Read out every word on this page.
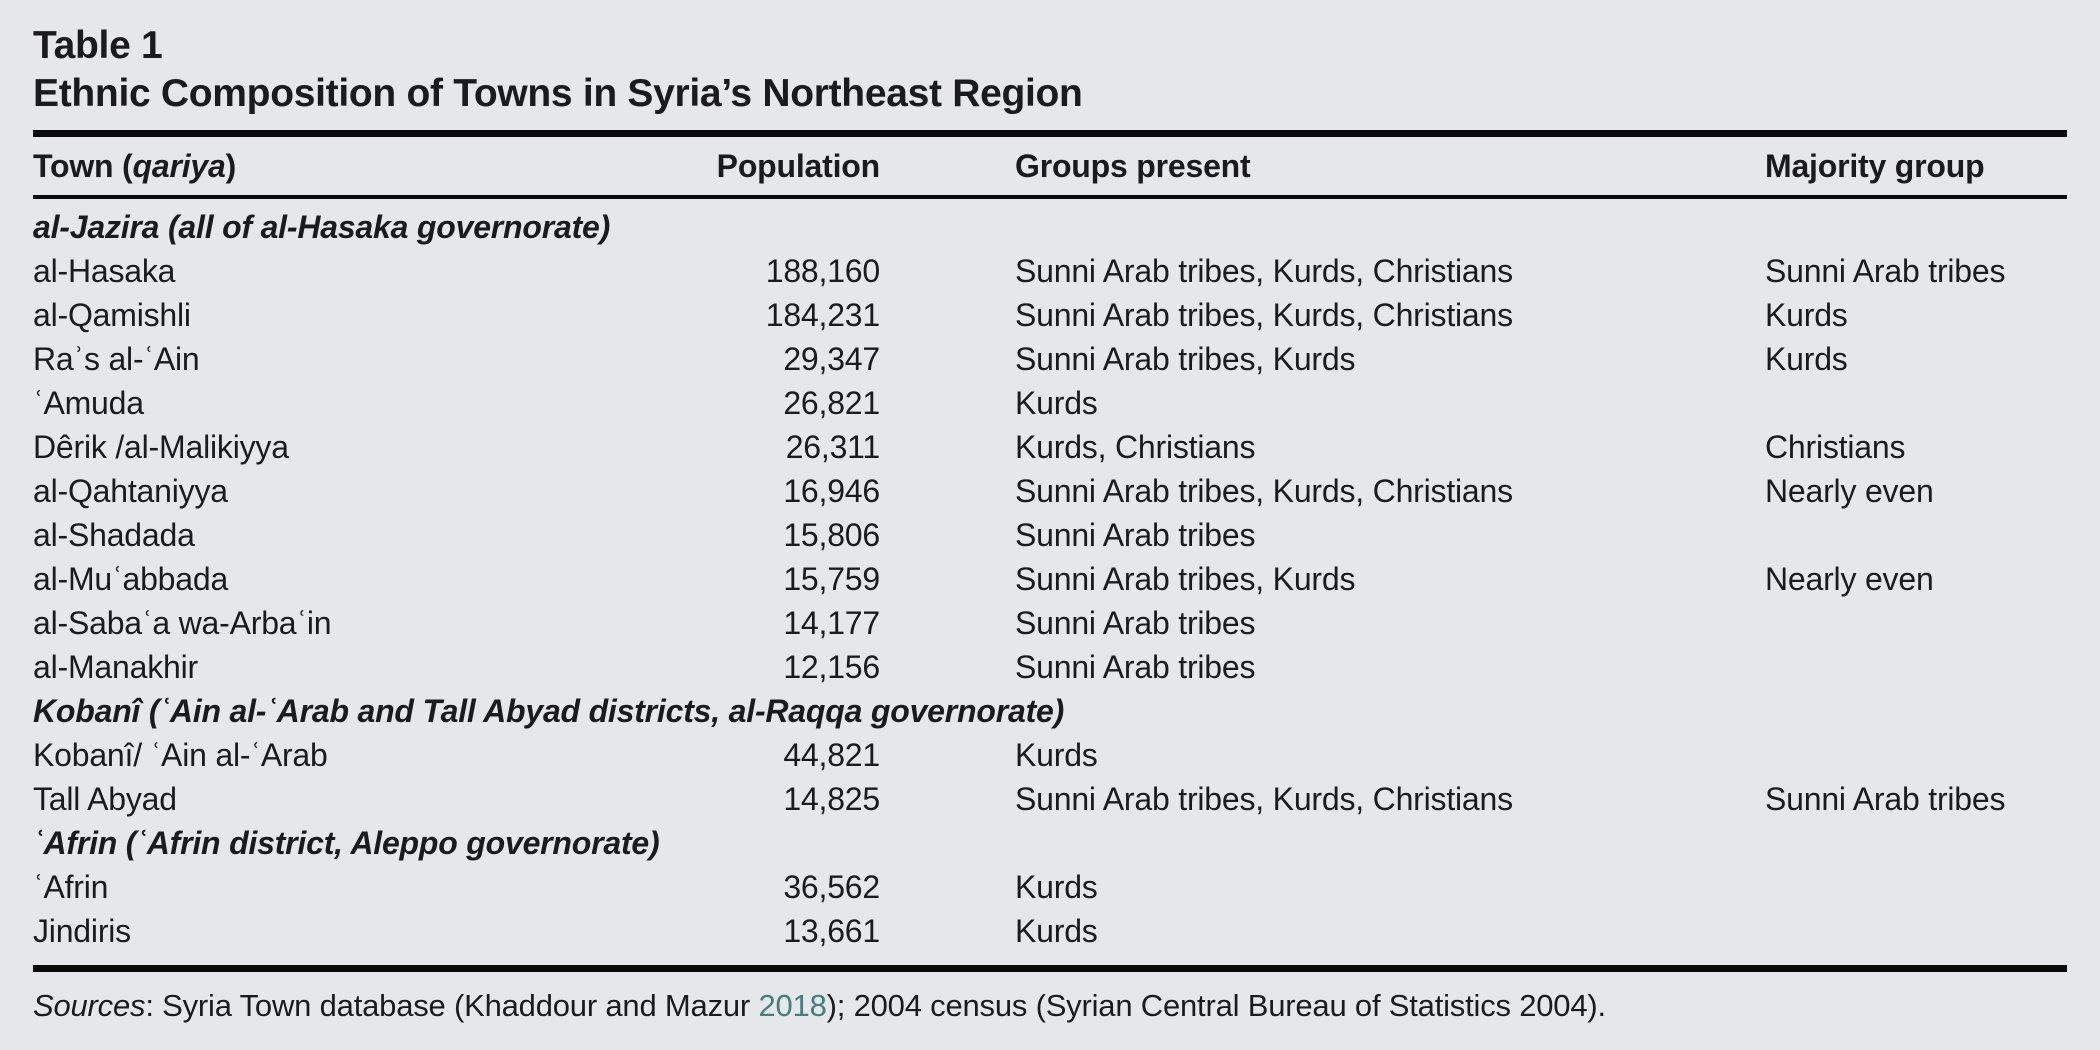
Table 1
Ethnic Composition of Towns in Syria’s Northeast Region
Town (qariya)	Population	Groups present	Majority group
al-Jazira (all of al-Hasaka governorate)			
al-Hasaka	188,160	Sunni Arab tribes, Kurds, Christians	Sunni Arab tribes
al-Qamishli	184,231	Sunni Arab tribes, Kurds, Christians	Kurds
Raʾs al-ʿAin	29,347	Sunni Arab tribes, Kurds	Kurds
ʿAmuda	26,821	Kurds	
Dêrik /al-Malikiyya	26,311	Kurds, Christians	Christians
al-Qahtaniyya	16,946	Sunni Arab tribes, Kurds, Christians	Nearly even
al-Shadada	15,806	Sunni Arab tribes	
al-Muʿabbada	15,759	Sunni Arab tribes, Kurds	Nearly even
al-Sabaʿa wa-Arbaʿin	14,177	Sunni Arab tribes	
al-Manakhir	12,156	Sunni Arab tribes	
Kobanî (ʿAin al-ʿArab and Tall Abyad districts, al-Raqqa governorate)			
Kobanî/ ʿAin al-ʿArab	44,821	Kurds	
Tall Abyad	14,825	Sunni Arab tribes, Kurds, Christians	Sunni Arab tribes
ʿAfrin (ʿAfrin district, Aleppo governorate)			
ʿAfrin	36,562	Kurds	
Jindiris	13,661	Kurds	
Sources: Syria Town database (Khaddour and Mazur 2018); 2004 census (Syrian Central Bureau of Statistics 2004).
